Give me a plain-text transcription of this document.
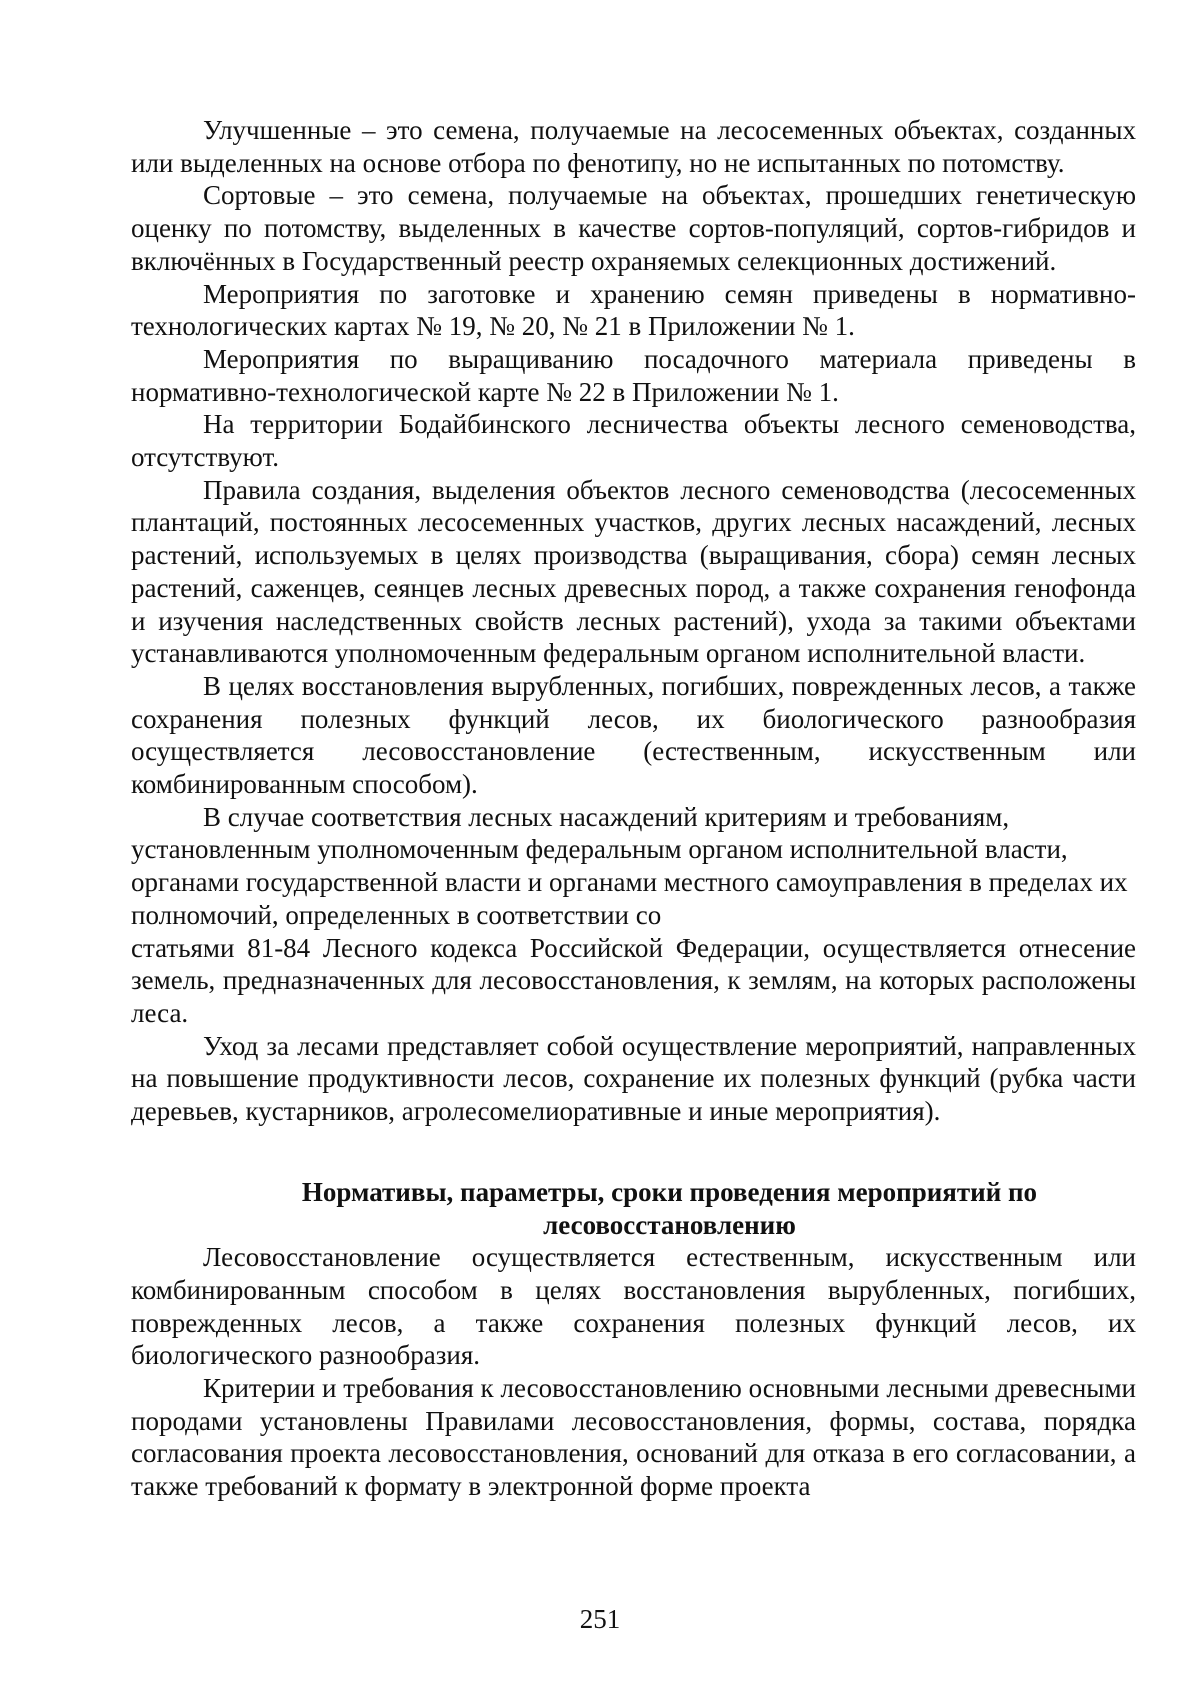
Улучшенные – это семена, получаемые на лесосеменных объектах, созданных или выделенных на основе отбора по фенотипу, но не испытанных по потомству.

Сортовые – это семена, получаемые на объектах, прошедших генетическую оценку по потомству, выделенных в качестве сортов-популяций, сортов-гибридов и включённых в Государственный реестр охраняемых селекционных достижений.

Мероприятия по заготовке и хранению семян приведены в нормативно-технологических картах № 19, № 20, № 21 в Приложении № 1.

Мероприятия по выращиванию посадочного материала приведены в нормативно-технологической карте № 22 в Приложении № 1.

На территории Бодайбинского лесничества объекты лесного семеноводства, отсутствуют.

Правила создания, выделения объектов лесного семеноводства (лесосеменных плантаций, постоянных лесосеменных участков, других лесных насаждений, лесных растений, используемых в целях производства (выращивания, сбора) семян лесных растений, саженцев, сеянцев лесных древесных пород, а также сохранения генофонда и изучения наследственных свойств лесных растений), ухода за такими объектами устанавливаются уполномоченным федеральным органом исполнительной власти.

В целях восстановления вырубленных, погибших, поврежденных лесов, а также сохранения полезных функций лесов, их биологического разнообразия осуществляется лесовосстановление (естественным, искусственным или комбинированным способом).

В случае соответствия лесных насаждений критериям и требованиям, установленным уполномоченным федеральным органом исполнительной власти, органами государственной власти и органами местного самоуправления в пределах их полномочий, определенных в соответствии со

статьями 81-84 Лесного кодекса Российской Федерации, осуществляется отнесение земель, предназначенных для лесовосстановления, к землям, на которых расположены леса.

Уход за лесами представляет собой осуществление мероприятий, направленных на повышение продуктивности лесов, сохранение их полезных функций (рубка части деревьев, кустарников, агролесомелиоративные и иные мероприятия).

Нормативы, параметры, сроки проведения мероприятий по
лесовосстановлению

Лесовосстановление осуществляется естественным, искусственным или комбинированным способом в целях восстановления вырубленных, погибших, поврежденных лесов, а также сохранения полезных функций лесов, их биологического разнообразия.

Критерии и требования к лесовосстановлению основными лесными древесными породами установлены Правилами лесовосстановления, формы, состава, порядка согласования проекта лесовосстановления, оснований для отказа в его согласовании, а также требований к формату в электронной форме проекта

251
